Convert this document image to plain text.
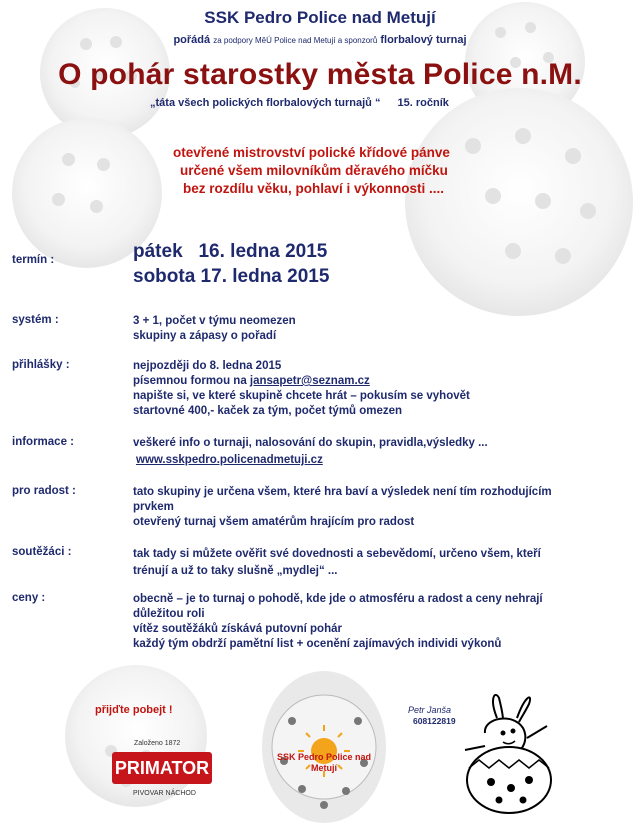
SSK Pedro Police nad Metují
pořádá za podpory MěÚ Police nad Metují a sponzorů florbalový turnaj
O pohár starostky města Police n.M.
„táta všech polických florbalových turnajů “ 15. ročník
otevřené mistrovství polické křídové pánve
určené všem milovníkům děravého míčku
bez rozdílu věku, pohlaví i výkonnosti ....
termín :	pátek   16. ledna 2015
sobota 17. ledna 2015
systém :	3 + 1, počet v týmu neomezen
skupiny a zápasy o pořadí
přihlášky :	nejpozději do 8. ledna 2015
písemnou formou na jansapetr@seznam.cz
napište si, ve které skupině chcete hrát – pokusím se vyhovět
startovné 400,- kaček za tým, počet týmů omezen
informace :	veškeré info o turnaji, nalosování do skupin, pravidla,výsledky ...
www.sskpedro.policenadmetuji.cz
pro radost :	tato skupiny je určena všem, které hra baví a výsledek není tím rozhodujícím
prvkem
otevřený turnaj všem amatérům hrajícím pro radost
soutěžáci :	tak tady si můžete ověřit své dovednosti a sebevědomí, určeno všem, kteří
trénují a už to taky slušně „mydlej“ ...
ceny :	obecně – je to turnaj o pohodě, kde jde o atmosféru a radost a ceny nehrají
důležitou roli
vítěz soutěžáků získává putovní pohár
každý tým obdrží pamětní list + ocenění zajímavých individi výkonů
přijďte pobejt !
Založeno 1872
PRIMATOR
PIVOVAR NÁCHOD
SSK Pedro Police nad Metují
Petr Janša
608122819
